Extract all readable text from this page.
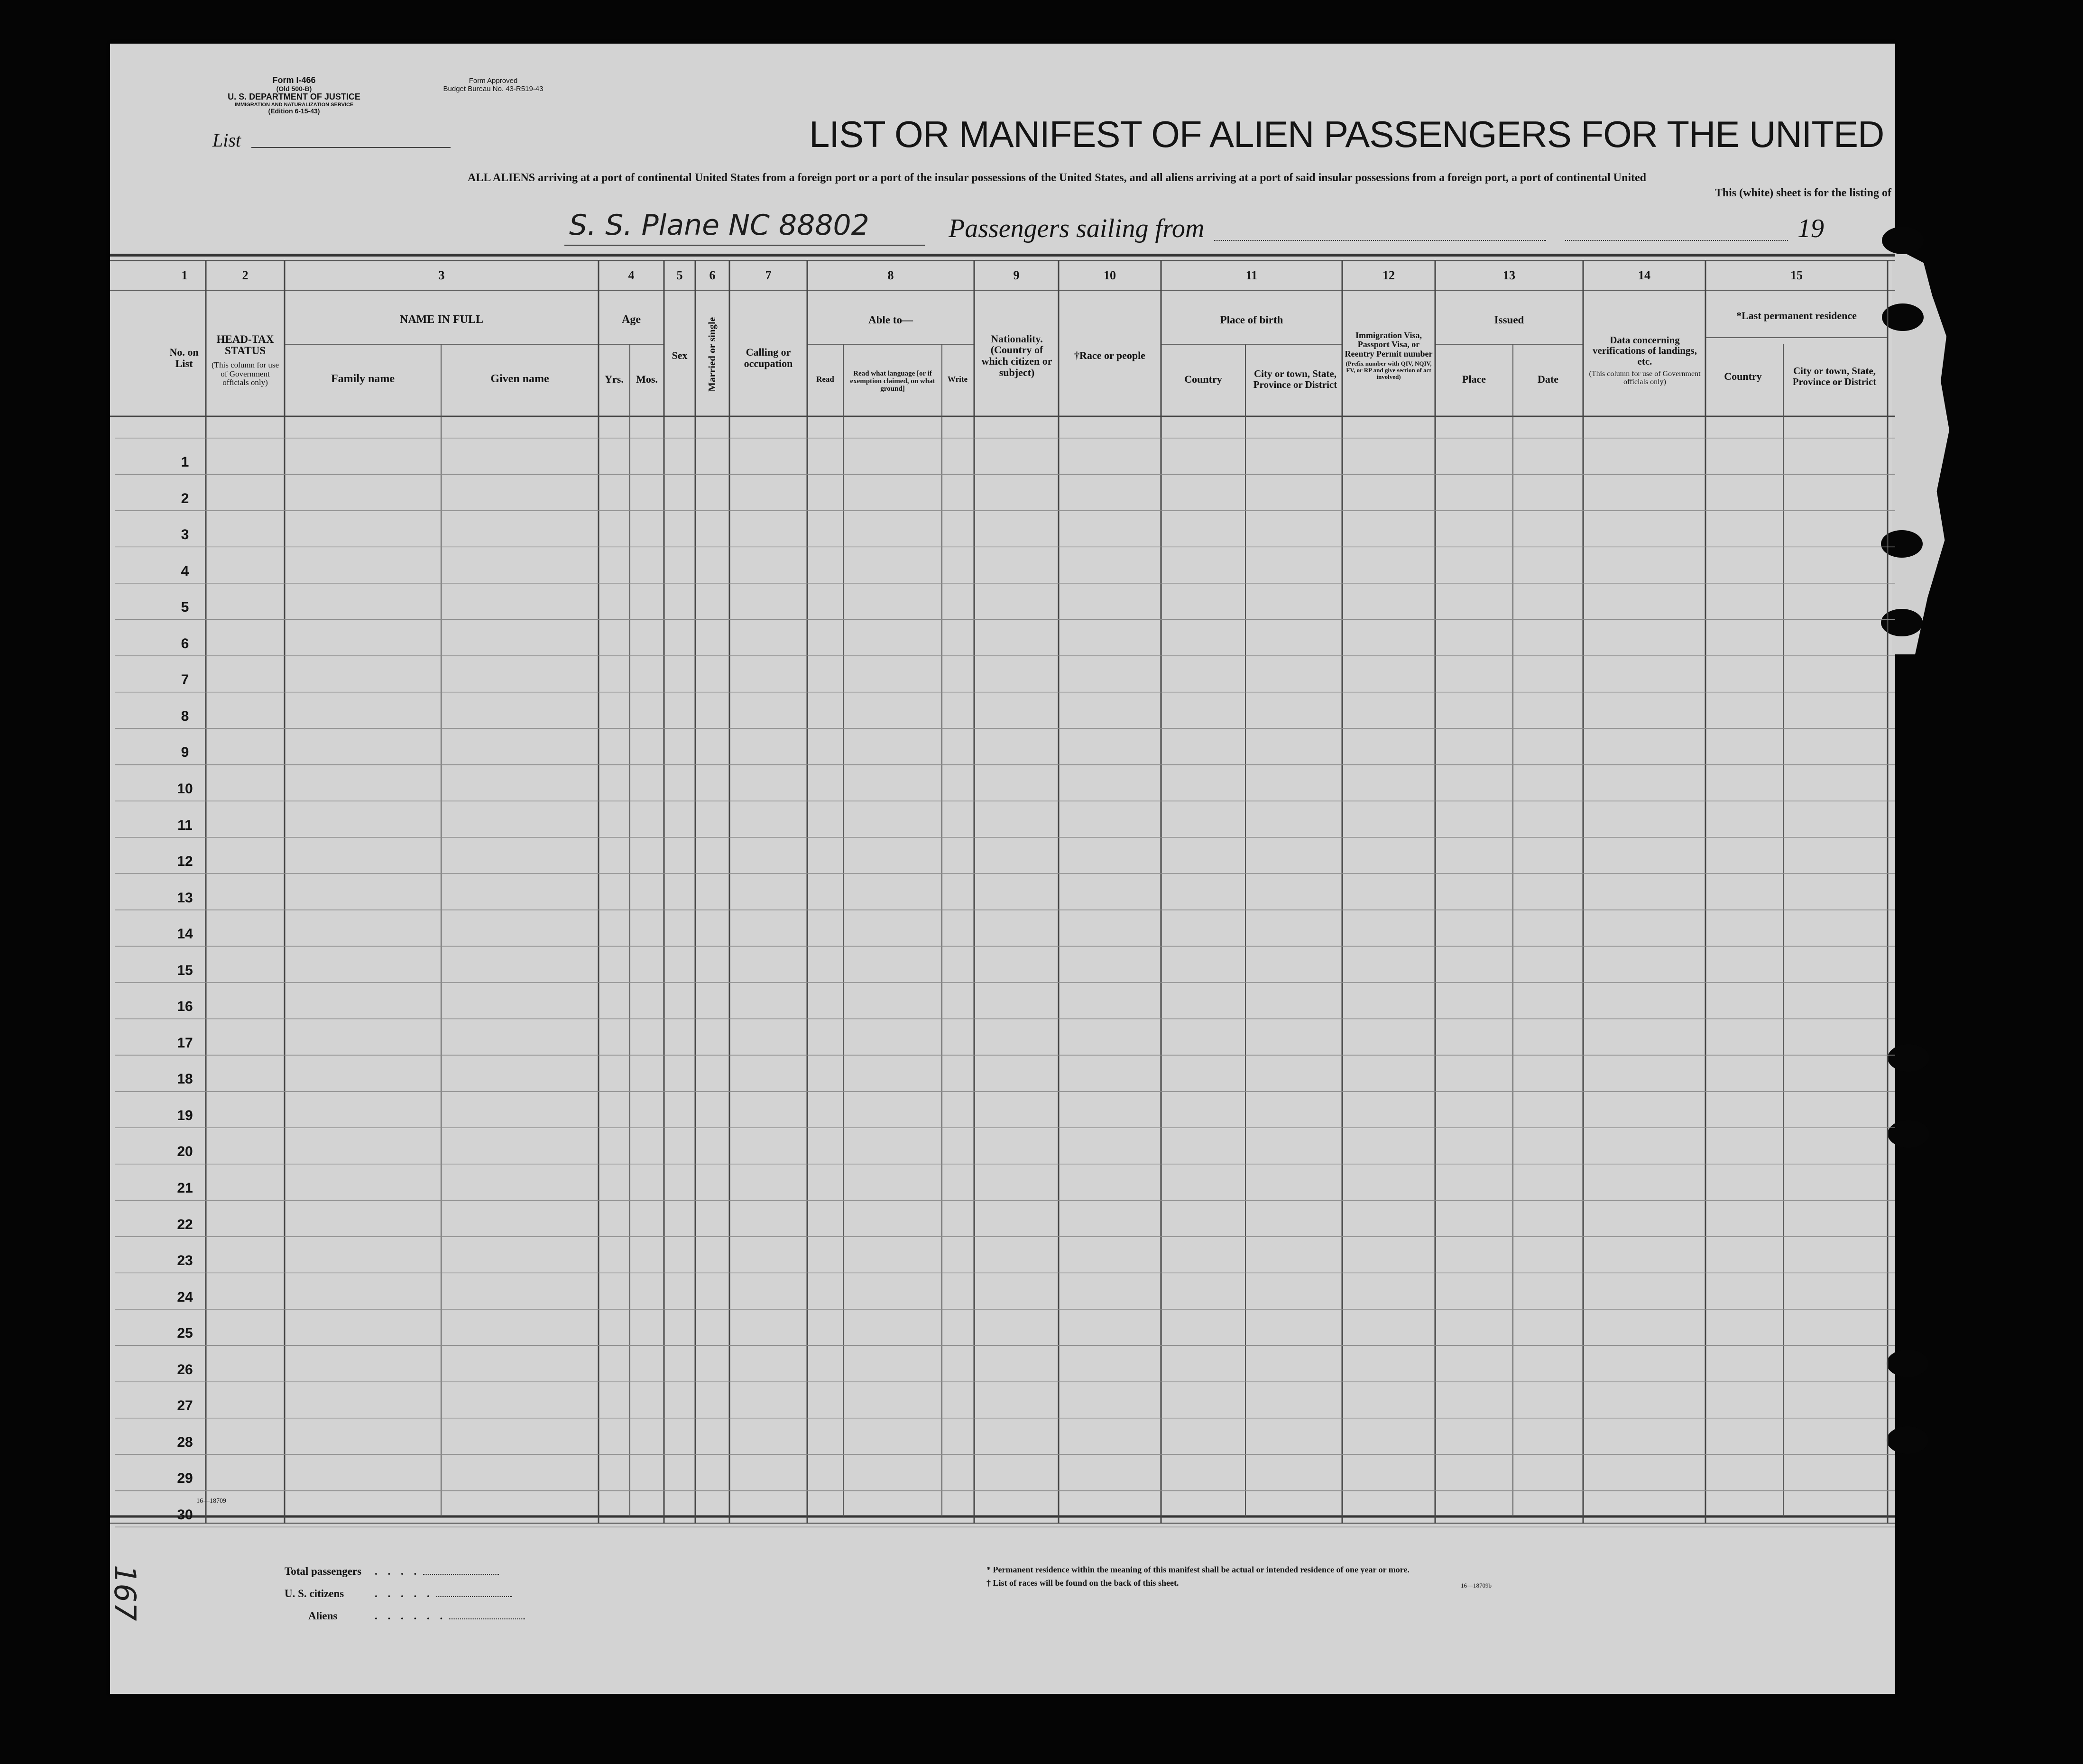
Form I-466
(Old 500-B)
U. S. DEPARTMENT OF JUSTICE
IMMIGRATION AND NATURALIZATION SERVICE
(Edition 6-15-43)
Form Approved
Budget Bureau No. 43-R519-43
List	LIST OR MANIFEST OF ALIEN PASSENGERS FOR THE UNITED
ALL ALIENS arriving at a port of continental United States from a foreign port or a port of the insular possessions of the United States, and all aliens arriving at a port of said insular possessions from a foreign port, a port of continental United
This (white) sheet is for the listing of
S. S. Plane NC 88802	Passengers sailing from	19
1	2	3	4	5	6	7	8	9	10	11	12	13	14	15
No. on List
HEAD-TAX STATUS
(This column for use of Government officials only)
NAME IN FULL
Family name	Given name
Age
Yrs.	Mos.
Sex	Married or single	Calling or occupation
Able to—
Read
Read what language [or if exemption claimed, on what ground]
Write
Nationality. (Country of which citizen or subject)
†Race or people
Place of birth
Country	City or town, State, Province or District
Immigration Visa, Passport Visa, or Reentry Permit number
(Prefix number with QIV, NQIV, FV, or RP and give section of act involved)
Issued
Place	Date
Data concerning verifications of landings, etc.
(This column for use of Government officials only)
*Last permanent residence
Country	City or town, State, Province or District
1
2
3
4
5
6
7
8
9
10
11
12
13
14
15
16
17
18
19
20
21
22
23
24
25
26
27
28
29
30
16—18709
Total passengers . . . .
U. S. citizens	. . . . .
Aliens	. . . . . .
* Permanent residence within the meaning of this manifest shall be actual or intended residence of one year or more.
† List of races will be found on the back of this sheet.	16—18709b
167
